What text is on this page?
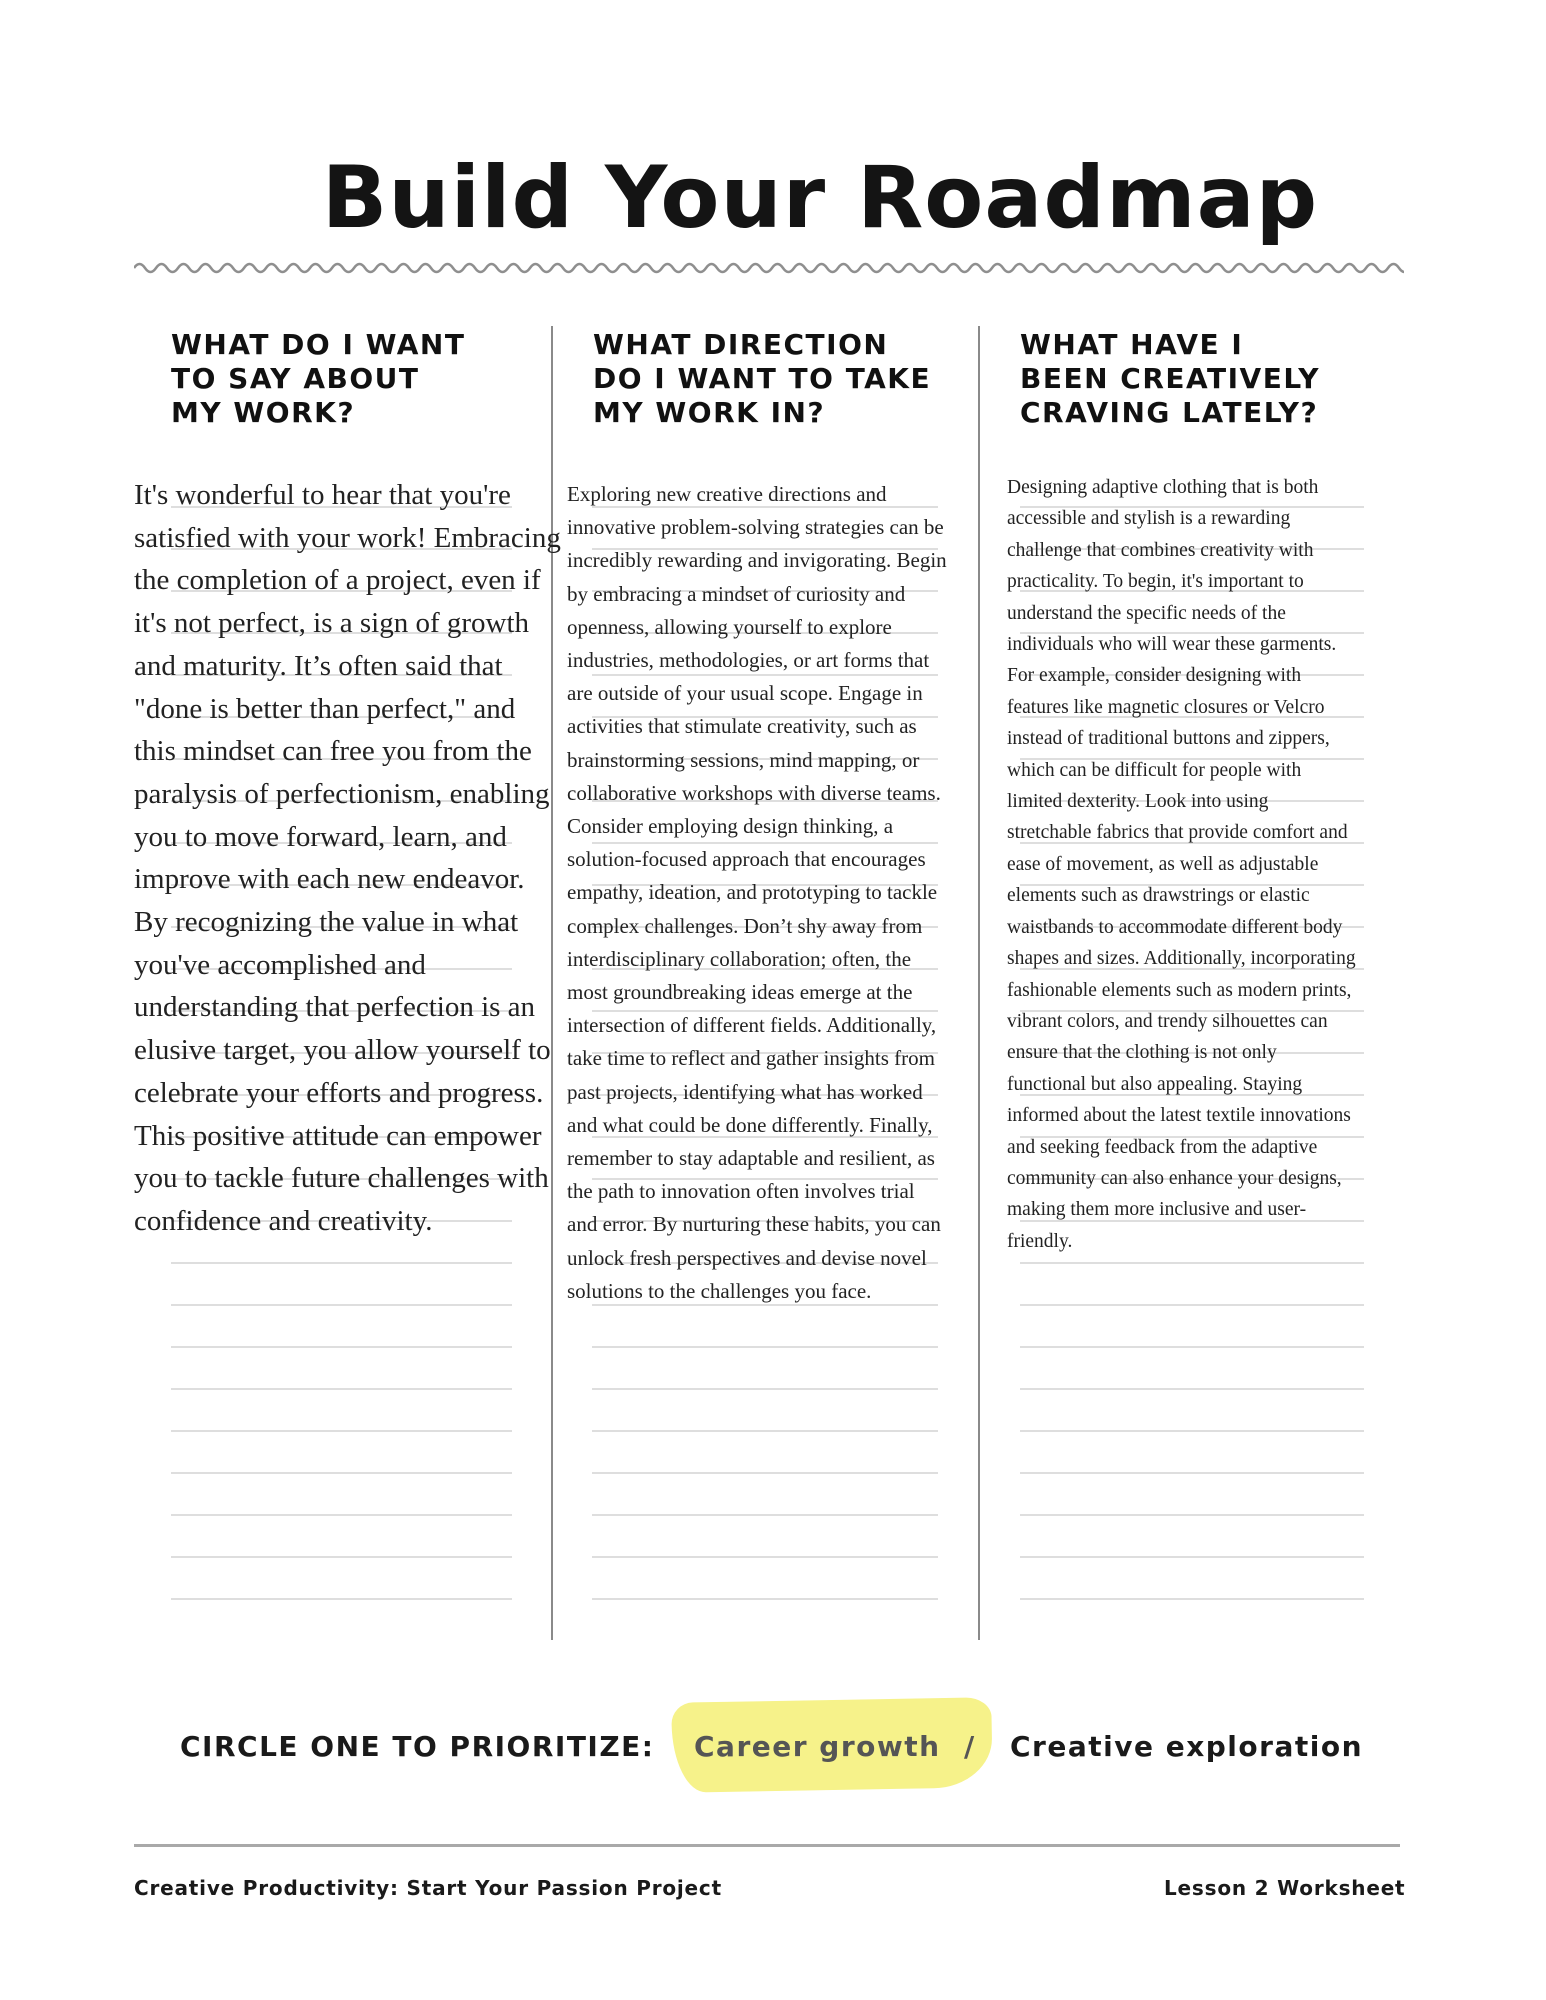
Build Your Roadmap
WHAT DO I WANT
TO SAY ABOUT
MY WORK?
WHAT DIRECTION
DO I WANT TO TAKE
MY WORK IN?
WHAT HAVE I
BEEN CREATIVELY
CRAVING LATELY?

It's wonderful to hear that you're satisfied with your work! Embracing the completion of a project, even if it's not perfect, is a sign of growth and maturity. It’s often said that "done is better than perfect," and this mindset can free you from the paralysis of perfectionism, enabling you to move forward, learn, and improve with each new endeavor. By recognizing the value in what you've accomplished and understanding that perfection is an elusive target, you allow yourself to celebrate your efforts and progress. This positive attitude can empower you to tackle future challenges with confidence and creativity.

Exploring new creative directions and innovative problem-solving strategies can be incredibly rewarding and invigorating. Begin by embracing a mindset of curiosity and openness, allowing yourself to explore industries, methodologies, or art forms that are outside of your usual scope. Engage in activities that stimulate creativity, such as brainstorming sessions, mind mapping, or collaborative workshops with diverse teams. Consider employing design thinking, a solution-focused approach that encourages empathy, ideation, and prototyping to tackle complex challenges. Don’t shy away from interdisciplinary collaboration; often, the most groundbreaking ideas emerge at the intersection of different fields. Additionally, take time to reflect and gather insights from past projects, identifying what has worked and what could be done differently. Finally, remember to stay adaptable and resilient, as the path to innovation often involves trial and error. By nurturing these habits, you can unlock fresh perspectives and devise novel solutions to the challenges you face.

Designing adaptive clothing that is both accessible and stylish is a rewarding challenge that combines creativity with practicality. To begin, it's important to understand the specific needs of the individuals who will wear these garments. For example, consider designing with features like magnetic closures or Velcro instead of traditional buttons and zippers, which can be difficult for people with limited dexterity. Look into using stretchable fabrics that provide comfort and ease of movement, as well as adjustable elements such as drawstrings or elastic waistbands to accommodate different body shapes and sizes. Additionally, incorporating fashionable elements such as modern prints, vibrant colors, and trendy silhouettes can ensure that the clothing is not only functional but also appealing. Staying informed about the latest textile innovations and seeking feedback from the adaptive community can also enhance your designs, making them more inclusive and user-friendly.

CIRCLE ONE TO PRIORITIZE: Career growth / Creative exploration
Creative Productivity: Start Your Passion Project	Lesson 2 Worksheet
